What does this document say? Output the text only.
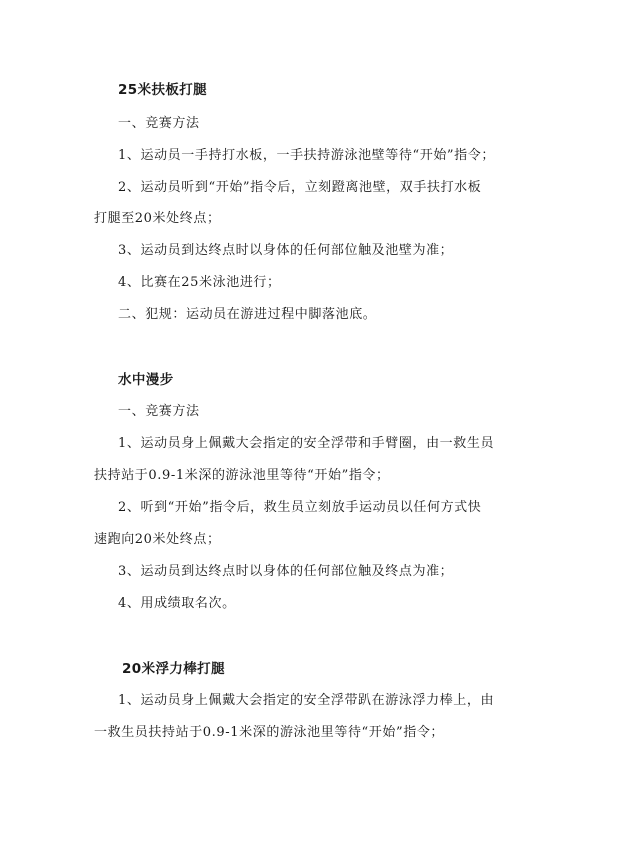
25米扶板打腿
一、竞赛方法
1、运动员一手持打水板，一手扶持游泳池壁等待“开始”指令；
2、运动员听到“开始”指令后，立刻蹬离池壁，双手扶打水板
打腿至20米处终点；
3、运动员到达终点时以身体的任何部位触及池壁为准；
4、比赛在25米泳池进行；
二、犯规：运动员在游进过程中脚落池底。
水中漫步
一、竞赛方法
1、运动员身上佩戴大会指定的安全浮带和手臂圈，由一救生员
扶持站于0.9-1米深的游泳池里等待“开始”指令；
2、听到“开始”指令后，救生员立刻放手运动员以任何方式快
速跑向20米处终点；
3、运动员到达终点时以身体的任何部位触及终点为准；
4、用成绩取名次。
20米浮力棒打腿
1、运动员身上佩戴大会指定的安全浮带趴在游泳浮力棒上，由
一救生员扶持站于0.9-1米深的游泳池里等待“开始”指令；
